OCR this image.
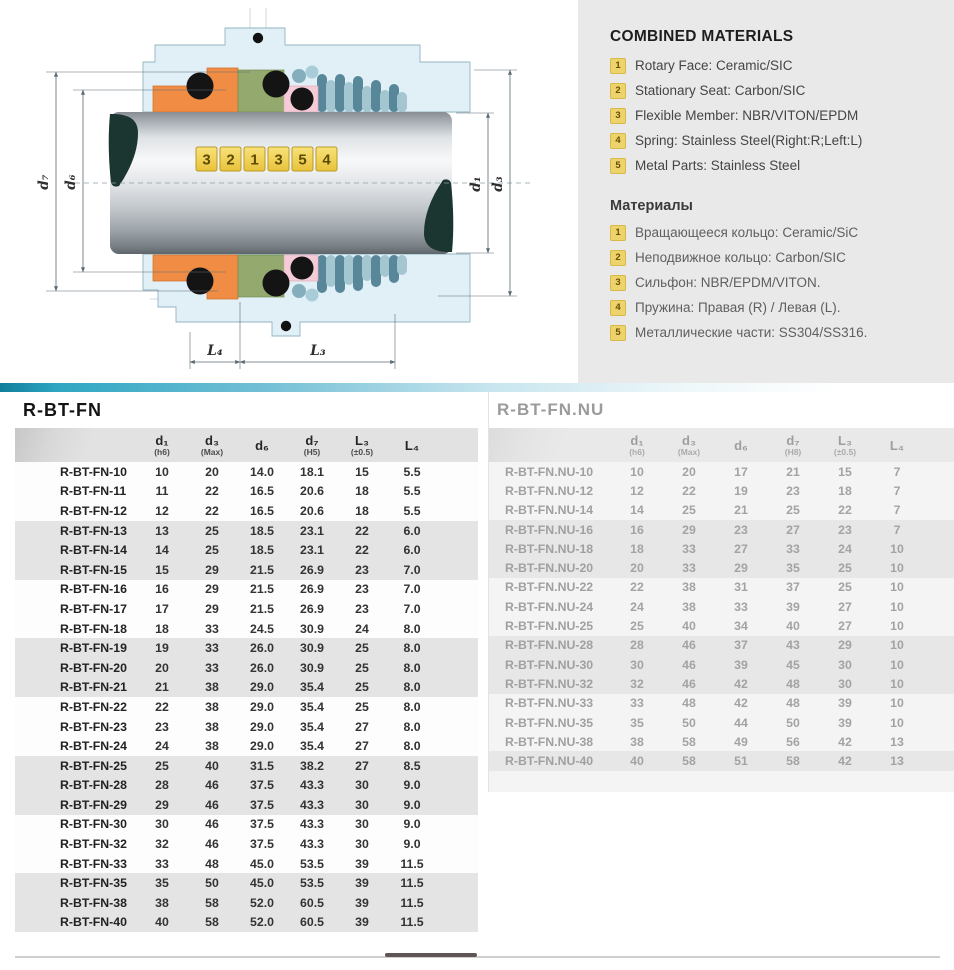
3 2 1 3 5 4
d₇ d₆	d₁ d₃
L₄	L₃
COMBINED MATERIALS
1	Rotary Face: Ceramic/SIC
2	Stationary Seat: Carbon/SIC
3	Flexible Member: NBR/VITON/EPDM
4	Spring: Stainless Steel(Right:R;Left:L)
5	Metal Parts: Stainless Steel
Материалы
1	Вращающееся кольцо: Ceramic/SiC
2	Неподвижное кольцо: Carbon/SIC
3	Сильфон: NBR/EPDM/VITON.
4	Пружина: Правая (R) / Левая (L).
5	Металлические части: SS304/SS316.
R-BT-FN
d₁
(h6)
d₃
(Max)	d₆	d₇
(H5)
L₃
(±0.5)	L₄
R-BT-FN-10	10	20	14.0	18.1	15	5.5
R-BT-FN-11	11	22	16.5	20.6	18	5.5
R-BT-FN-12	12	22	16.5	20.6	18	5.5
R-BT-FN-13	13	25	18.5	23.1	22	6.0
R-BT-FN-14	14	25	18.5	23.1	22	6.0
R-BT-FN-15	15	29	21.5	26.9	23	7.0
R-BT-FN-16	16	29	21.5	26.9	23	7.0
R-BT-FN-17	17	29	21.5	26.9	23	7.0
R-BT-FN-18	18	33	24.5	30.9	24	8.0
R-BT-FN-19	19	33	26.0	30.9	25	8.0
R-BT-FN-20	20	33	26.0	30.9	25	8.0
R-BT-FN-21	21	38	29.0	35.4	25	8.0
R-BT-FN-22	22	38	29.0	35.4	25	8.0
R-BT-FN-23	23	38	29.0	35.4	27	8.0
R-BT-FN-24	24	38	29.0	35.4	27	8.0
R-BT-FN-25	25	40	31.5	38.2	27	8.5
R-BT-FN-28	28	46	37.5	43.3	30	9.0
R-BT-FN-29	29	46	37.5	43.3	30	9.0
R-BT-FN-30	30	46	37.5	43.3	30	9.0
R-BT-FN-32	32	46	37.5	43.3	30	9.0
R-BT-FN-33	33	48	45.0	53.5	39	11.5
R-BT-FN-35	35	50	45.0	53.5	39	11.5
R-BT-FN-38	38	58	52.0	60.5	39	11.5
R-BT-FN-40	40	58	52.0	60.5	39	11.5
R-BT-FN.NU
d₁
(h6)
d₃
(Max)	d₆	d₇
(H8)
L₃
(±0.5)	L₄
R-BT-FN.NU-10	10	20	17	21	15	7
R-BT-FN.NU-12	12	22	19	23	18	7
R-BT-FN.NU-14	14	25	21	25	22	7
R-BT-FN.NU-16	16	29	23	27	23	7
R-BT-FN.NU-18	18	33	27	33	24	10
R-BT-FN.NU-20	20	33	29	35	25	10
R-BT-FN.NU-22	22	38	31	37	25	10
R-BT-FN.NU-24	24	38	33	39	27	10
R-BT-FN.NU-25	25	40	34	40	27	10
R-BT-FN.NU-28	28	46	37	43	29	10
R-BT-FN.NU-30	30	46	39	45	30	10
R-BT-FN.NU-32	32	46	42	48	30	10
R-BT-FN.NU-33	33	48	42	48	39	10
R-BT-FN.NU-35	35	50	44	50	39	10
R-BT-FN.NU-38	38	58	49	56	42	13
R-BT-FN.NU-40	40	58	51	58	42	13
